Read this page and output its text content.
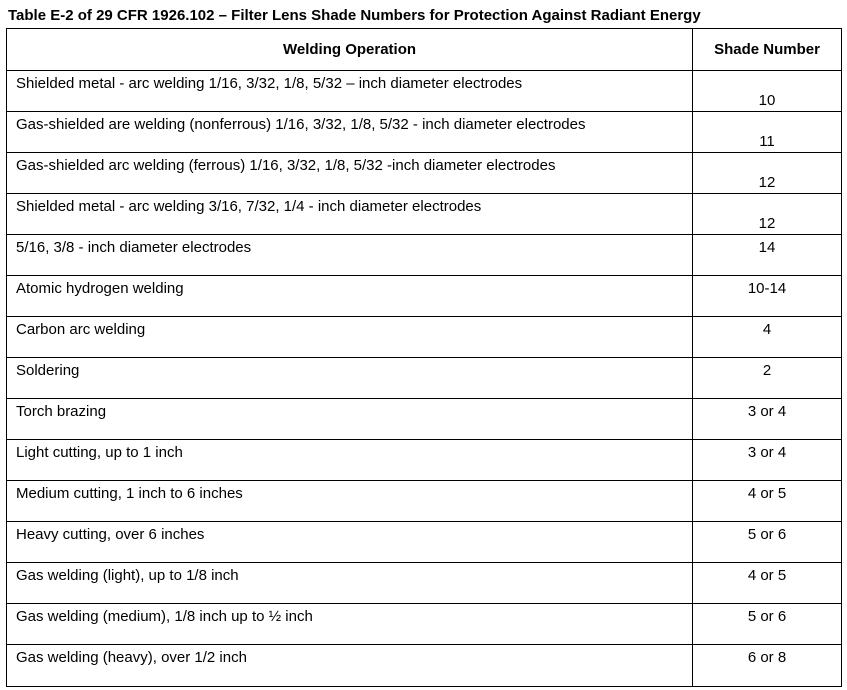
Table E-2 of 29 CFR 1926.102 – Filter Lens Shade Numbers for Protection Against Radiant Energy
Welding Operation	Shade Number
Shielded metal - arc welding 1/16, 3/32, 1/8, 5/32 – inch diameter electrodes	10
Gas-shielded are welding (nonferrous) 1/16, 3/32, 1/8, 5/32 - inch diameter electrodes	11
Gas-shielded arc welding (ferrous) 1/16, 3/32, 1/8, 5/32 -inch diameter electrodes	12
Shielded metal - arc welding 3/16, 7/32, 1/4 - inch diameter electrodes	12
5/16, 3/8 - inch diameter electrodes	14
Atomic hydrogen welding	10-14
Carbon arc welding	4
Soldering	2
Torch brazing	3 or 4
Light cutting, up to 1 inch	3 or 4
Medium cutting, 1 inch to 6 inches	4 or 5
Heavy cutting, over 6 inches	5 or 6
Gas welding (light), up to 1/8 inch	4 or 5
Gas welding (medium), 1/8 inch up to ½ inch	5 or 6
Gas welding (heavy), over 1/2 inch	6 or 8
